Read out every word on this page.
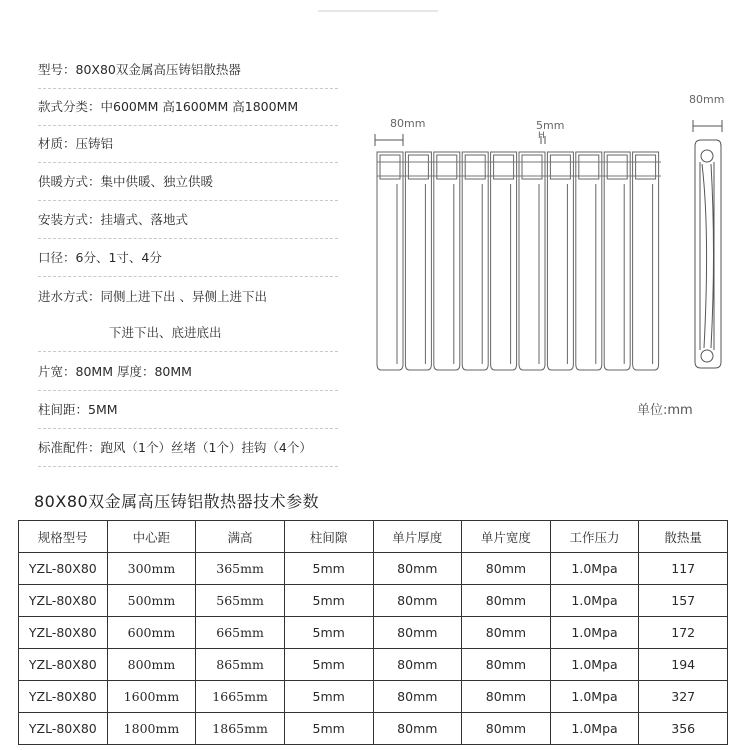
型号：80X80双金属高压铸铝散热器
款式分类：中600MM 高1600MM 高1800MM
材质：压铸铝
供暖方式：集中供暖、独立供暖
安装方式：挂墙式、落地式
口径：6分、1寸、4分
进水方式：同侧上进下出 、异侧上进下出
下进下出、底进底出
片宽：80MM 厚度：80MM
柱间距：5MM
标准配件：跑风（1个）丝堵（1个）挂钩（4个）
80mm	5mm
H
80mm
单位:mm
80X80双金属高压铸铝散热器技术参数
规格型号	中心距	满高	柱间隙	单片厚度	单片宽度	工作压力	散热量
YZL-80X80	300mm	365mm	5mm	80mm	80mm	1.0Mpa	117
YZL-80X80	500mm	565mm	5mm	80mm	80mm	1.0Mpa	157
YZL-80X80	600mm	665mm	5mm	80mm	80mm	1.0Mpa	172
YZL-80X80	800mm	865mm	5mm	80mm	80mm	1.0Mpa	194
YZL-80X80	1600mm	1665mm	5mm	80mm	80mm	1.0Mpa	327
YZL-80X80	1800mm	1865mm	5mm	80mm	80mm	1.0Mpa	356
